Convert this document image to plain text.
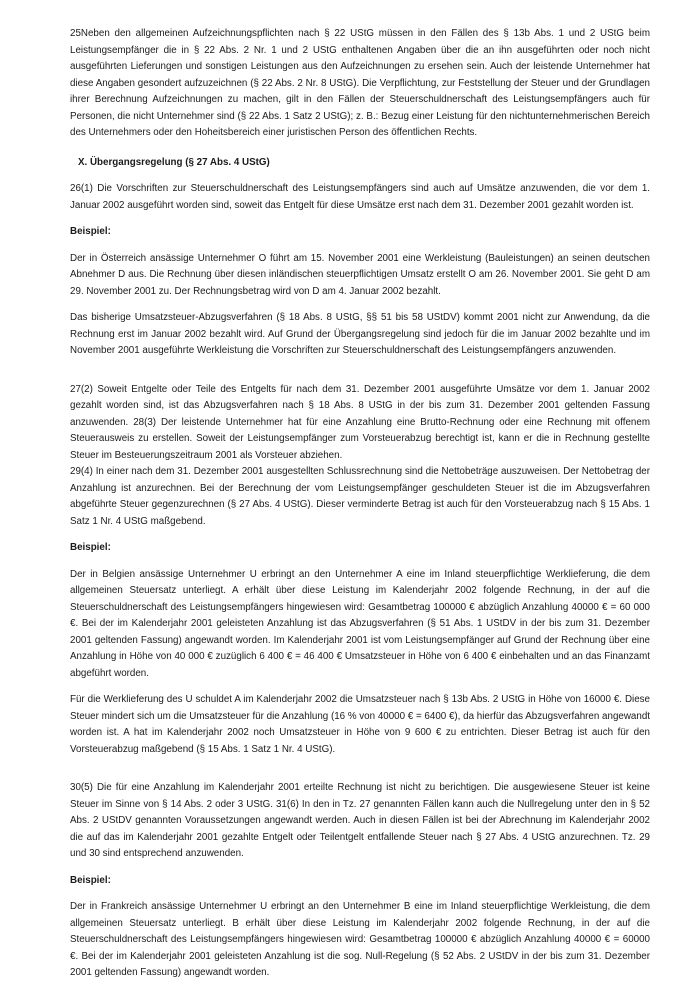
25Neben den allgemeinen Aufzeichnungspflichten nach § 22 UStG müssen in den Fällen des § 13b Abs. 1 und 2 UStG beim Leistungsempfänger die in § 22 Abs. 2 Nr. 1 und 2 UStG enthaltenen Angaben über die an ihn ausgeführten oder noch nicht ausgeführten Lieferungen und sonstigen Leistungen aus den Aufzeichnungen zu ersehen sein. Auch der leistende Unternehmer hat diese Angaben gesondert aufzuzeichnen (§ 22 Abs. 2 Nr. 8 UStG). Die Verpflichtung, zur Feststellung der Steuer und der Grundlagen ihrer Berechnung Aufzeichnungen zu machen, gilt in den Fällen der Steuerschuldnerschaft des Leistungsempfängers auch für Personen, die nicht Unternehmer sind (§ 22 Abs. 1 Satz 2 UStG); z. B.: Bezug einer Leistung für den nichtunternehmerischen Bereich des Unternehmers oder den Hoheitsbereich einer juristischen Person des öffentlichen Rechts.

X. Übergangsregelung (§ 27 Abs. 4 UStG)

26(1) Die Vorschriften zur Steuerschuldnerschaft des Leistungsempfängers sind auch auf Umsätze anzuwenden, die vor dem 1. Januar 2002 ausgeführt worden sind, soweit das Entgelt für diese Umsätze erst nach dem 31. Dezember 2001 gezahlt worden ist.

Beispiel:

Der in Österreich ansässige Unternehmer O führt am 15. November 2001 eine Werkleistung (Bauleistungen) an seinen deutschen Abnehmer D aus. Die Rechnung über diesen inländischen steuerpflichtigen Umsatz erstellt O am 26. November 2001. Sie geht D am 29. November 2001 zu. Der Rechnungsbetrag wird von D am 4. Januar 2002 bezahlt.

Das bisherige Umsatzsteuer-Abzugsverfahren (§ 18 Abs. 8 UStG, §§ 51 bis 58 UStDV) kommt 2001 nicht zur Anwendung, da die Rechnung erst im Januar 2002 bezahlt wird. Auf Grund der Übergangsregelung sind jedoch für die im Januar 2002 bezahlte und im November 2001 ausgeführte Werkleistung die Vorschriften zur Steuerschuldnerschaft des Leistungsempfängers anzuwenden.

27(2) Soweit Entgelte oder Teile des Entgelts für nach dem 31. Dezember 2001 ausgeführte Umsätze vor dem 1. Januar 2002 gezahlt worden sind, ist das Abzugsverfahren nach § 18 Abs. 8 UStG in der bis zum 31. Dezember 2001 geltenden Fassung anzuwenden. 28(3) Der leistende Unternehmer hat für eine Anzahlung eine Brutto-Rechnung oder eine Rechnung mit offenem Steuerausweis zu erstellen. Soweit der Leistungsempfänger zum Vorsteuerabzug berechtigt ist, kann er die in Rechnung gestellte Steuer im Besteuerungszeitraum 2001 als Vorsteuer abziehen.

29(4) In einer nach dem 31. Dezember 2001 ausgestellten Schlussrechnung sind die Nettobeträge auszuweisen. Der Nettobetrag der Anzahlung ist anzurechnen. Bei der Berechnung der vom Leistungsempfänger geschuldeten Steuer ist die im Abzugsverfahren abgeführte Steuer gegenzurechnen (§ 27 Abs. 4 UStG). Dieser verminderte Betrag ist auch für den Vorsteuerabzug nach § 15 Abs. 1 Satz 1 Nr. 4 UStG maßgebend.

Beispiel:

Der in Belgien ansässige Unternehmer U erbringt an den Unternehmer A eine im Inland steuerpflichtige Werklieferung, die dem allgemeinen Steuersatz unterliegt. A erhält über diese Leistung im Kalenderjahr 2002 folgende Rechnung, in der auf die Steuerschuldnerschaft des Leistungsempfängers hingewiesen wird: Gesamtbetrag 100000 € abzüglich Anzahlung 40000 € = 60 000 €. Bei der im Kalenderjahr 2001 geleisteten Anzahlung ist das Abzugsverfahren (§ 51 Abs. 1 UStDV in der bis zum 31. Dezember 2001 geltenden Fassung) angewandt worden. Im Kalenderjahr 2001 ist vom Leistungsempfänger auf Grund der Rechnung über eine Anzahlung in Höhe von 40 000 € zuzüglich 6 400 € = 46 400 € Umsatzsteuer in Höhe von 6 400 € einbehalten und an das Finanzamt abgeführt worden.

Für die Werklieferung des U schuldet A im Kalenderjahr 2002 die Umsatzsteuer nach § 13b Abs. 2 UStG in Höhe von 16000 €. Diese Steuer mindert sich um die Umsatzsteuer für die Anzahlung (16 % von 40000 € = 6400 €), da hierfür das Abzugsverfahren angewandt worden ist. A hat im Kalenderjahr 2002 noch Umsatzsteuer in Höhe von 9 600 € zu entrichten. Dieser Betrag ist auch für den Vorsteuerabzug maßgebend (§ 15 Abs. 1 Satz 1 Nr. 4 UStG).

30(5) Die für eine Anzahlung im Kalenderjahr 2001 erteilte Rechnung ist nicht zu berichtigen. Die ausgewiesene Steuer ist keine Steuer im Sinne von § 14 Abs. 2 oder 3 UStG. 31(6) In den in Tz. 27 genannten Fällen kann auch die Nullregelung unter den in § 52 Abs. 2 UStDV genannten Voraussetzungen angewandt werden. Auch in diesen Fällen ist bei der Abrechnung im Kalenderjahr 2002 die auf das im Kalenderjahr 2001 gezahlte Entgelt oder Teilentgelt entfallende Steuer nach § 27 Abs. 4 UStG anzurechnen. Tz. 29 und 30 sind entsprechend anzuwenden.

Beispiel:

Der in Frankreich ansässige Unternehmer U erbringt an den Unternehmer B eine im Inland steuerpflichtige Werkleistung, die dem allgemeinen Steuersatz unterliegt. B erhält über diese Leistung im Kalenderjahr 2002 folgende Rechnung, in der auf die Steuerschuldnerschaft des Leistungsempfängers hingewiesen wird: Gesamtbetrag 100000 € abzüglich Anzahlung 40000 € = 60000 €. Bei der im Kalenderjahr 2001 geleisteten Anzahlung ist die sog. Null-Regelung (§ 52 Abs. 2 UStDV in der bis zum 31. Dezember 2001 geltenden Fassung) angewandt worden.
